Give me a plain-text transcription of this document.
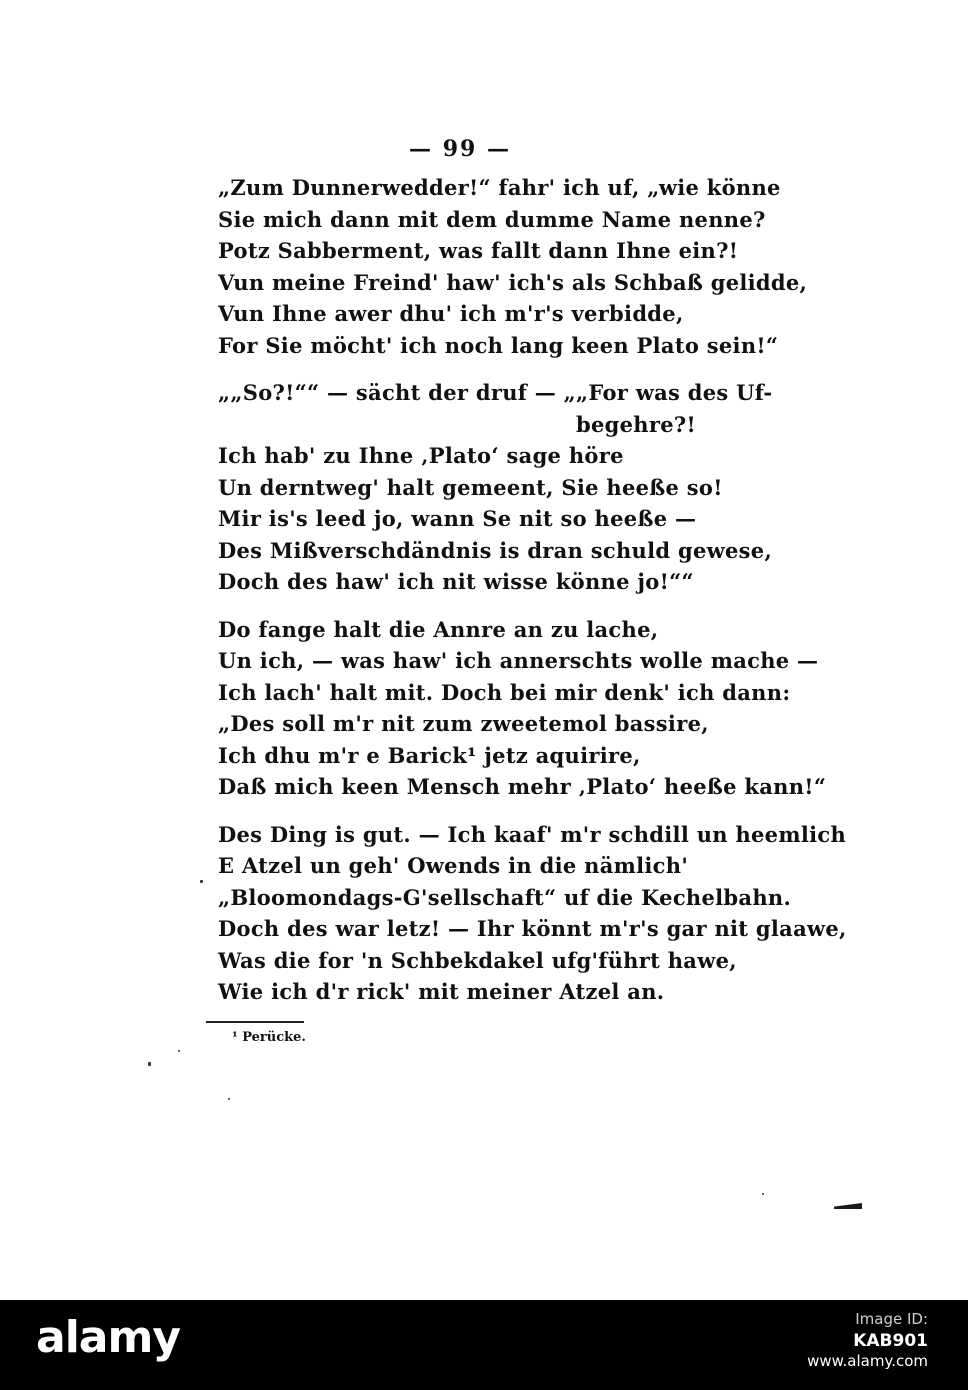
— 99 —
„Zum Dunnerwedder!“ fahr' ich uf, „wie könne
Sie mich dann mit dem dumme Name nenne?
Potz Sabberment, was fallt dann Ihne ein?!
Vun meine Freind' haw' ich's als Schbaß gelidde,
Vun Ihne awer dhu' ich m'r's verbidde,
For Sie möcht' ich noch lang keen Plato sein!“
„„So?!““ — sächt der druf — „„For was des Uf-
begehre?!
Ich hab' zu Ihne ‚Plato‘ sage höre
Un derntweg' halt gemeent, Sie heeße so!
Mir is's leed jo, wann Se nit so heeße —
Des Mißverschdändnis is dran schuld gewese,
Doch des haw' ich nit wisse könne jo!““
Do fange halt die Annre an zu lache,
Un ich, — was haw' ich annerschts wolle mache —
Ich lach' halt mit. Doch bei mir denk' ich dann:
„Des soll m'r nit zum zweetemol bassire,
Ich dhu m'r e Barick¹ jetz aquirire,
Daß mich keen Mensch mehr ‚Plato‘ heeße kann!“
Des Ding is gut. — Ich kaaf' m'r schdill un heemlich
E Atzel un geh' Owends in die nämlich'
„Bloomondags-G'sellschaft“ uf die Kechelbahn.
Doch des war letz! — Ihr könnt m'r's gar nit glaawe,
Was die for 'n Schbekdakel ufg'führt hawe,
Wie ich d'r rick' mit meiner Atzel an.
¹ Perücke.
alamy	Image ID:
KAB901
www.alamy.com
